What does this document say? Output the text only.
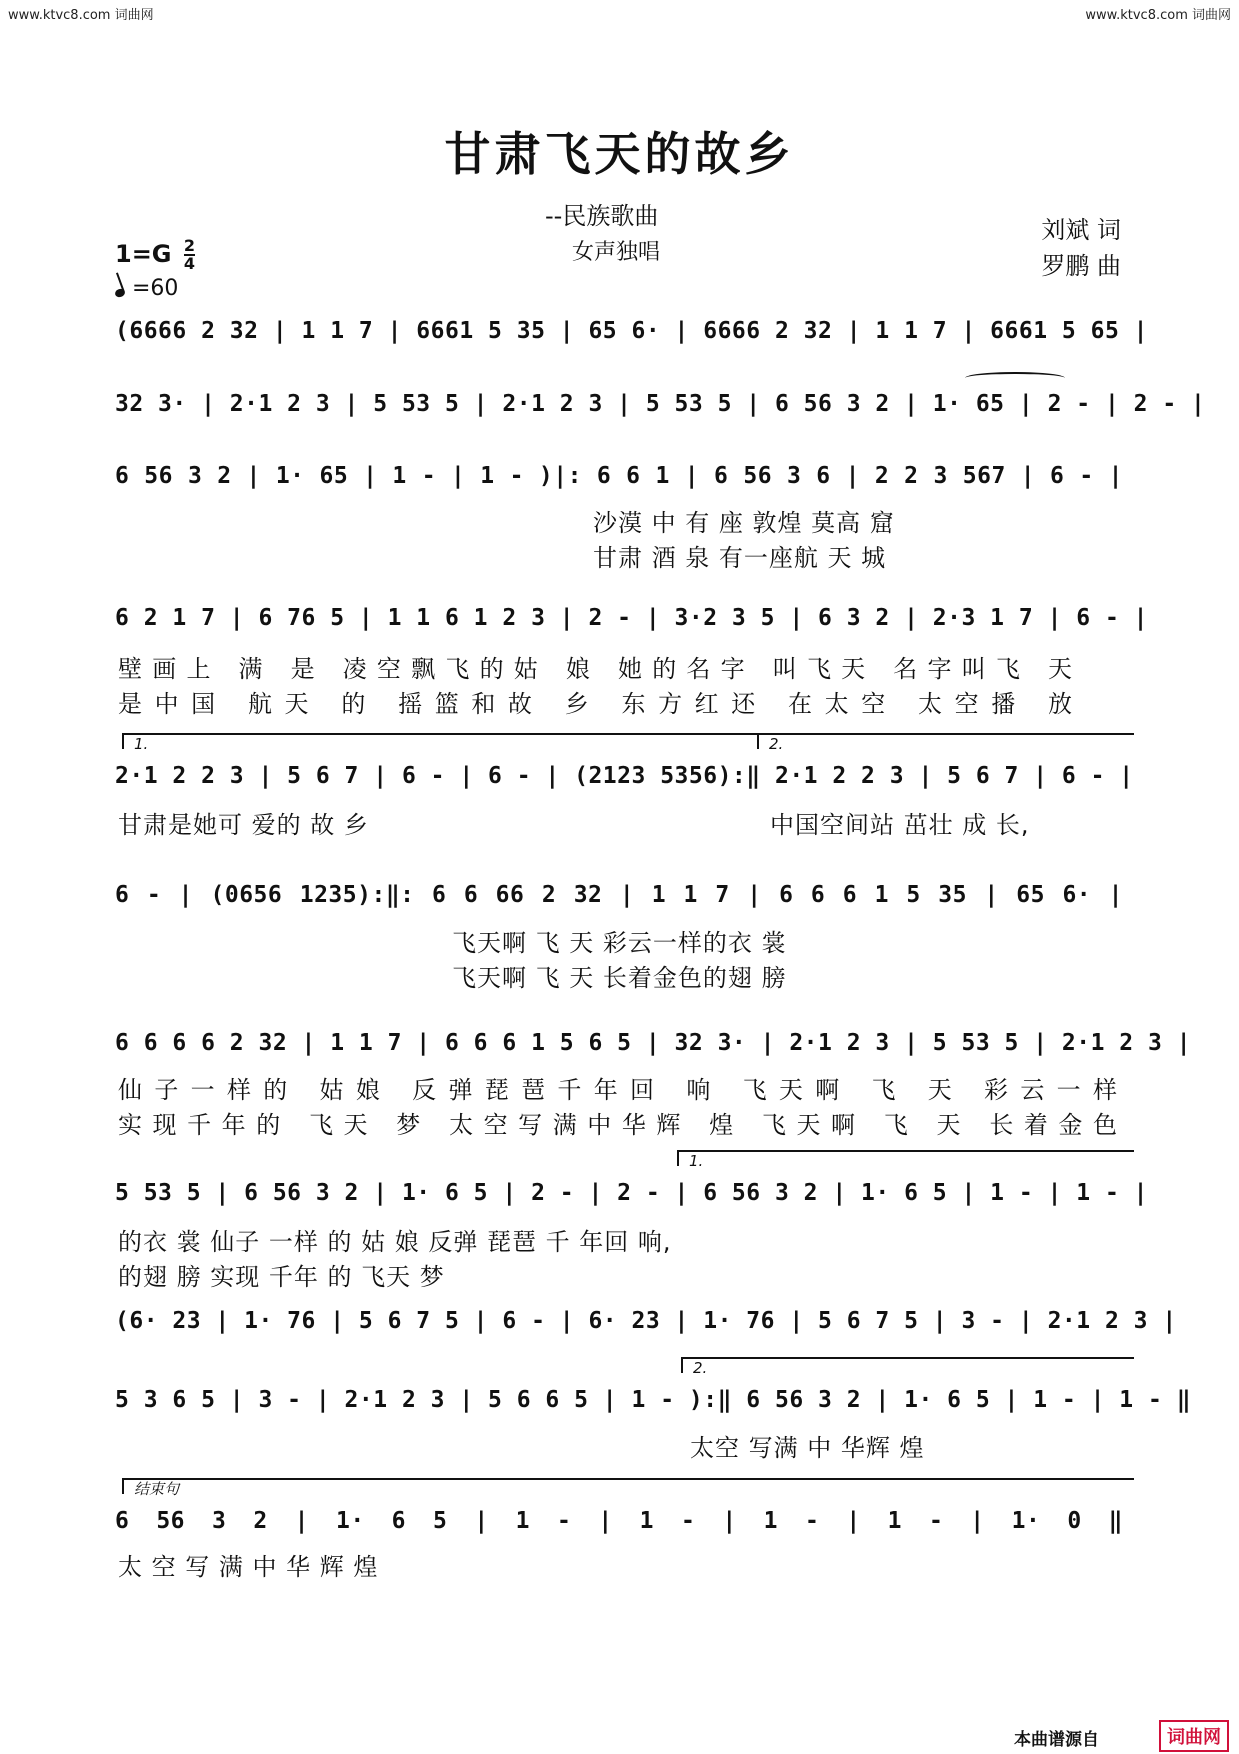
www.ktvc8.com 词曲网	www.ktvc8.com 词曲网
甘肃飞天的故乡
--民族歌曲
女声独唱
刘斌 词
罗鹏 曲
$1=G \frac{2}{4}$
=60
(6666 2 32 | 1 1 7 | 6661 5 35 | 65 6· | 6666 2 32 | 1 1 7 | 6661 5 65 |
32 3· | 2·1 2 3 | 5 53 5 | 2·1 2 3 | 5 53 5 | 6 56 3 2 | 1· 65 | 2 - | 2 - |
6 56 3 2 | 1· 65 | 1 - | 1 - )|: 6 6 1 | 6 56 3 6 | 2 2 3 567 | 6 - |
沙漠 中 有 座 敦煌 莫高 窟
甘肃 酒 泉 有一座航 天 城
6 2 1 7 | 6 76 5 | 1 1 6 1 2 3 | 2 - | 3·2 3 5 | 6 3 2 | 2·3 1 7 | 6 - |
壁画上 满 是 凌空飘飞的姑 娘 她的名字 叫飞天 名字叫飞 天
是中国 航天 的 摇篮和故 乡 东方红还 在太空 太空播 放
1.	2.
2·1 2 2 3 | 5 6 7 | 6 - | 6 - | (2123 5356):‖ 2·1 2 2 3 | 5 6 7 | 6 - |
甘肃是她可 爱的 故 乡	中国空间站 茁壮 成 长,
6 - | (0656 1235):‖: 6 6 66 2 32 | 1 1 7 | 6 6 6 1 5 35 | 65 6· |
飞天啊 飞 天 彩云一样的衣 裳
飞天啊 飞 天 长着金色的翅 膀
6 6 6 6 2 32 | 1 1 7 | 6 6 6 1 5 6 5 | 32 3· | 2·1 2 3 | 5 53 5 | 2·1 2 3 |
仙子一样的 姑娘 反弹琵琶千年回 响 飞天啊 飞 天 彩云一样
实现千年的 飞天 梦 太空写满中华辉 煌 飞天啊 飞 天 长着金色
1.
5 53 5 | 6 56 3 2 | 1· 6 5 | 2 - | 2 - | 6 56 3 2 | 1· 6 5 | 1 - | 1 - |
的衣 裳 仙子 一样 的 姑 娘 反弹 琵琶 千 年回 响,
的翅 膀 实现 千年 的 飞天 梦
(6· 23 | 1· 76 | 5 6 7 5 | 6 - | 6· 23 | 1· 76 | 5 6 7 5 | 3 - | 2·1 2 3 |
2.
5 3 6 5 | 3 - | 2·1 2 3 | 5 6 6 5 | 1 - ):‖ 6 56 3 2 | 1· 6 5 | 1 - | 1 - ‖
太空 写满 中 华辉 煌
结束句
6 56 3 2 | 1· 6 5 | 1 - | 1 - | 1 - | 1 - | 1· 0 ‖
太 空 写 满 中 华 辉 煌
本曲谱源自	词曲网
